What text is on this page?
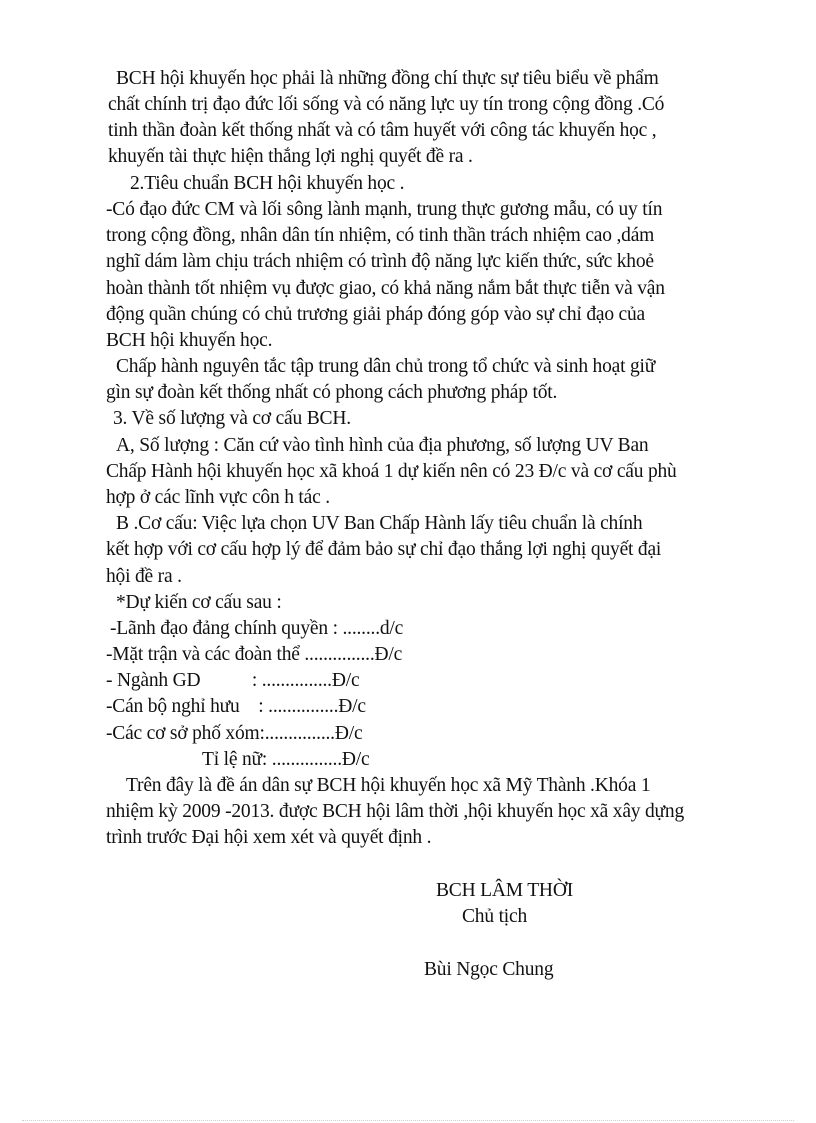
BCH hội khuyến học phải là những đồng chí thực sự tiêu biểu về phẩm
chất chính trị đạo đức lối sống và có năng lực uy tín trong cộng đồng .Có
tinh thần đoàn kết thống nhất và có tâm huyết với công tác khuyến học ,
khuyến tài thực hiện thắng lợi nghị quyết đề ra .
2.Tiêu chuẩn BCH hội khuyến học .
-Có đạo đức CM và lối sông lành mạnh, trung thực gương mẫu, có uy tín
trong cộng đồng, nhân dân tín nhiệm, có tinh thần trách nhiệm cao ,dám
nghĩ dám làm chịu trách nhiệm có trình độ năng lực kiến thức, sức khoẻ
hoàn thành tốt nhiệm vụ được giao, có khả năng nắm bắt thực tiễn và vận
động quần chúng có chủ trương giải pháp đóng góp vào sự chỉ đạo của
BCH hội khuyến học.
Chấp hành nguyên tắc tập trung dân chủ trong tổ chức và sinh hoạt giữ
gìn sự đoàn kết thống nhất có phong cách phương pháp tốt.
3. Về số lượng và cơ cấu BCH.
A, Số lượng : Căn cứ vào tình hình của địa phương, số lượng UV Ban
Chấp Hành hội khuyến học xã khoá 1 dự kiến nên có 23 Đ/c và cơ cấu phù
hợp ở các lĩnh vực côn h tác .
B .Cơ cấu: Việc lựa chọn UV Ban Chấp Hành lấy tiêu chuẩn là chính
kết hợp với cơ cấu hợp lý để đảm bảo sự chỉ đạo thắng lợi nghị quyết đại
hội đề ra .
*Dự kiến cơ cấu sau :
-Lãnh đạo đảng chính quyền : ........d/c
-Mặt trận và các đoàn thể ...............Đ/c
- Ngành GD           : ...............Đ/c
-Cán bộ nghỉ hưu    : ...............Đ/c
-Các cơ sở phố xóm:...............Đ/c
Tỉ lệ nữ: ...............Đ/c
Trên đây là đề án dân sự BCH hội khuyến học xã Mỹ Thành .Khóa 1
nhiệm kỳ 2009 -2013. được BCH hội lâm thời ,hội khuyến học xã xây dựng
trình trước Đại hội xem xét và quyết định .
BCH LÂM THỜI
Chủ tịch
Bùi Ngọc Chung
